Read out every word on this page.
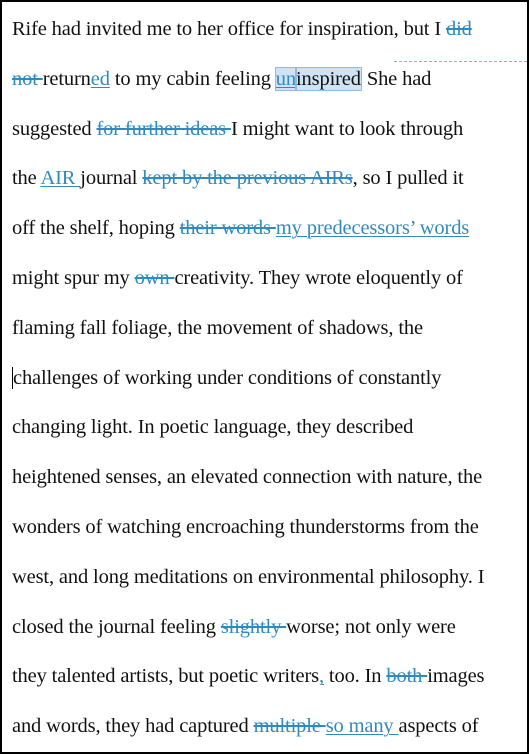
Rife had invited me to her office for inspiration, but I did
not returned to my cabin feeling uninspired She had
suggested for further ideas I might want to look through
the AIR journal kept by the previous AIRs, so I pulled it
off the shelf, hoping their words my predecessors’ words
might spur my own creativity. They wrote eloquently of
flaming fall foliage, the movement of shadows, the
challenges of working under conditions of constantly
changing light. In poetic language, they described
heightened senses, an elevated connection with nature, the
wonders of watching encroaching thunderstorms from the
west, and long meditations on environmental philosophy. I
closed the journal feeling slightly worse; not only were
they talented artists, but poetic writers, too. In both images
and words, they had captured multiple so many aspects of
